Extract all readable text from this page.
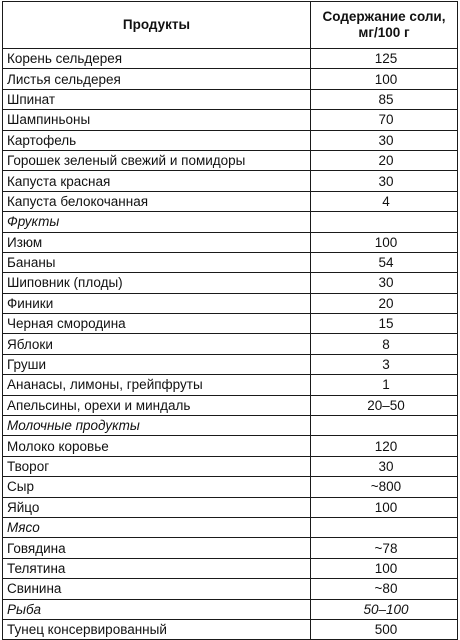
Продукты	Содержание соли, мг/100 г
Корень сельдерея	125
Листья сельдерея	100
Шпинат	85
Шампиньоны	70
Картофель	30
Горошек зеленый свежий и помидоры	20
Капуста красная	30
Капуста белокочанная	4
Фрукты	
Изюм	100
Бананы	54
Шиповник (плоды)	30
Финики	20
Черная смородина	15
Яблоки	8
Груши	3
Ананасы, лимоны, грейпфруты	1
Апельсины, орехи и миндаль	20–50
Молочные продукты	
Молоко коровье	120
Творог	30
Сыр	~800
Яйцо	100
Мясо	
Говядина	~78
Телятина	100
Свинина	~80
Рыба	50–100
Тунец консервированный	500
